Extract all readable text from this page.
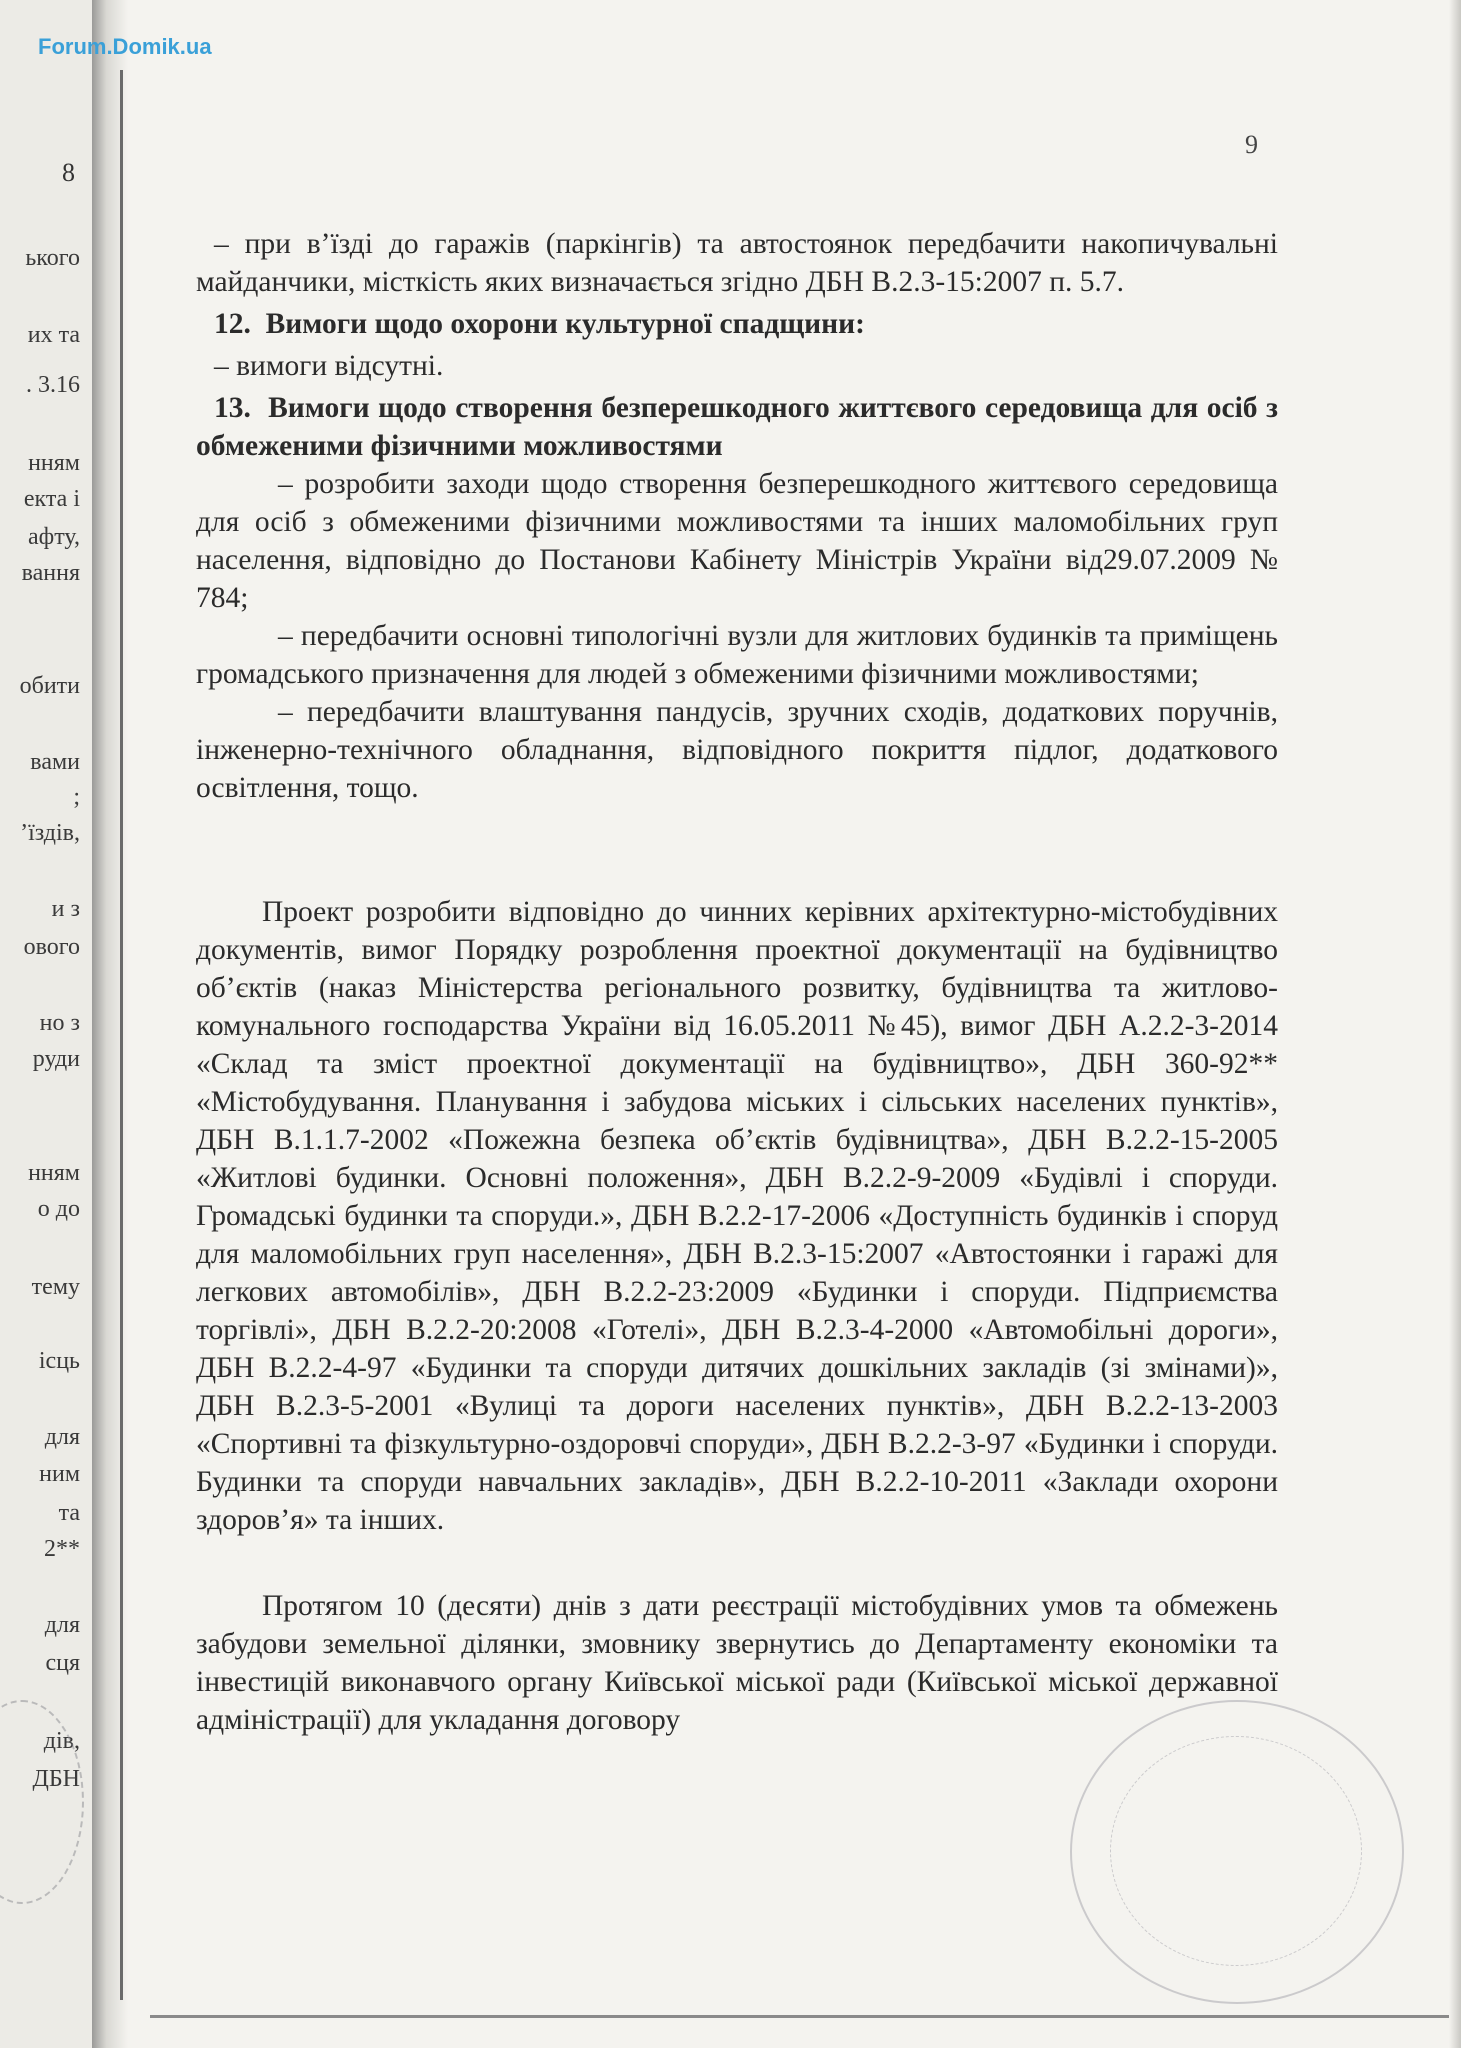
8
ького
их та
. 3.16
нням
екта і
афту,
вання
обити
вами
;
ʼїздів,
и з
ового
но з
руди
нням
о до
тему
ісць
для
ним
та
2**
для
сця
дів,
ДБН
Forum.Domik.ua
9

– при в’їзді до гаражів (паркінгів) та автостоянок передбачити накопичувальні майданчики, місткість яких визначається згідно ДБН В.2.3-15:2007 п. 5.7.

12. Вимоги щодо охорони культурної спадщини:

– вимоги відсутні.

13. Вимоги щодо створення безперешкодного життєвого середовища для осіб з обмеженими фізичними можливостями

– розробити заходи щодо створення безперешкодного життєвого середовища для осіб з обмеженими фізичними можливостями та інших маломобільних груп населення, відповідно до Постанови Кабінету Міністрів України від29.07.2009 № 784;

– передбачити основні типологічні вузли для житлових будинків та приміщень громадського призначення для людей з обмеженими фізичними можливостями;

– передбачити влаштування пандусів, зручних сходів, додаткових поручнів, інженерно-технічного обладнання, відповідного покриття підлог, додаткового освітлення, тощо.

Проект розробити відповідно до чинних керівних архітектурно-містобудівних документів, вимог Порядку розроблення проектної документації на будівництво об’єктів (наказ Міністерства регіонального розвитку, будівництва та житлово-комунального господарства України від 16.05.2011 №45), вимог ДБН А.2.2-3-2014 «Склад та зміст проектної документації на будівництво», ДБН 360-92** «Містобудування. Планування і забудова міських і сільських населених пунктів», ДБН В.1.1.7-2002 «Пожежна безпека об’єктів будівництва», ДБН В.2.2-15-2005 «Житлові будинки. Основні положення», ДБН В.2.2-9-2009 «Будівлі і споруди. Громадські будинки та споруди.», ДБН В.2.2-17-2006 «Доступність будинків і споруд для маломобільних груп населення», ДБН В.2.3-15:2007 «Автостоянки і гаражі для легкових автомобілів», ДБН В.2.2-23:2009 «Будинки і споруди. Підприємства торгівлі», ДБН В.2.2-20:2008 «Готелі», ДБН В.2.3-4-2000 «Автомобільні дороги», ДБН В.2.2-4-97 «Будинки та споруди дитячих дошкільних закладів (зі змінами)», ДБН В.2.3-5-2001 «Вулиці та дороги населених пунктів», ДБН В.2.2-13-2003 «Спортивні та фізкультурно-оздоровчі споруди», ДБН В.2.2-3-97 «Будинки і споруди. Будинки та споруди навчальних закладів», ДБН В.2.2-10-2011 «Заклади охорони здоров’я» та інших.

Протягом 10 (десяти) днів з дати реєстрації містобудівних умов та обмежень забудови земельної ділянки, змовнику звернутись до Департаменту економіки та інвестицій виконавчого органу Київської міської ради (Київської міської державної адміністрації) для укладання договору
